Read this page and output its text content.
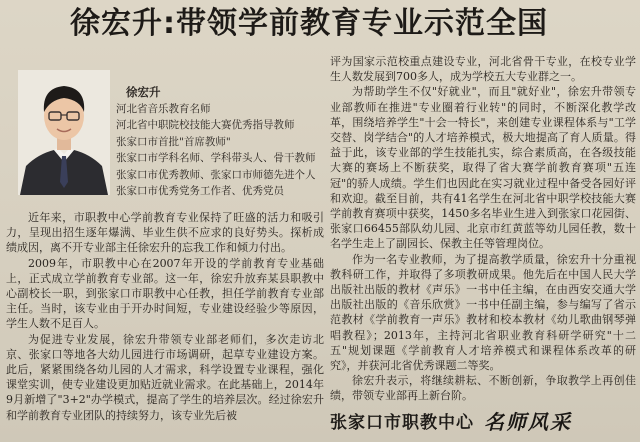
徐宏升:带领学前教育专业示范全国
徐宏升
河北省音乐教育名师
河北省中职院校技能大赛优秀指导教师
张家口市首批"首席教师"
张家口市学科名师、学科带头人、骨干教师
张家口市优秀教师、张家口市师德先进个人
张家口市优秀党务工作者、优秀党员

近年来，市职教中心学前教育专业保持了旺盛的活力和吸引力，呈现出招生逐年爆满、毕业生供不应求的良好势头。探析成绩成因，离不开专业部主任徐宏升的忘我工作和倾力付出。

2009年，市职教中心在2007年开设的学前教育专业基础上，正式成立学前教育专业部。这一年，徐宏升放弃某县职教中心副校长一职，到张家口市职教中心任教，担任学前教育专业部主任。当时，该专业由于开办时间短，专业建设经验少等原因，学生人数不足百人。

为促进专业发展，徐宏升带领专业部老师们，多次走访北京、张家口等地各大幼儿园进行市场调研，起草专业建设方案。此后，紧紧围绕各幼儿园的人才需求，科学设置专业课程，强化课堂实训，使专业建设更加贴近就业需求。在此基础上，2014年9月新增了"3+2"办学模式，提高了学生的培养层次。经过徐宏升和学前教育专业团队的持续努力，该专业先后被

评为国家示范校重点建设专业，河北省骨干专业，在校专业学生人数发展到700多人，成为学校五大专业群之一。

为帮助学生不仅"好就业"，而且"就好业"，徐宏升带领专业部教师在推进"专业圈着行业转"的同时，不断深化教学改革，围绕培养学生"十会一特长"，来创建专业课程体系与"工学交替、岗学结合"的人才培养模式，极大地提高了育人质量。得益于此，该专业部的学生技能扎实，综合素质高，在各级技能大赛的赛场上不断获奖，取得了省大赛学前教育赛项"五连冠"的骄人成绩。学生们也因此在实习就业过程中备受各园好评和欢迎。截至目前，共有41名学生在河北省中职学校技能大赛学前教育赛项中获奖，1450多名毕业生进入到张家口花园街、张家口66455部队幼儿园、北京市红黄蓝等幼儿园任教，数十名学生走上了副园长、保教主任等管理岗位。

作为一名专业教师，为了提高教学质量，徐宏升十分重视教科研工作，并取得了多项教研成果。他先后在中国人民大学出版社出版的教材《声乐》一书中任主编，在由西安交通大学出版社出版的《音乐欣赏》一书中任副主编，参与编写了省示范教材《学前教育一声乐》教材和校本教材《幼儿歌曲钢琴弹唱教程》；2013年，主持河北省职业教育科研学研究"十二五"规划课题《学前教育人才培养模式和课程体系改革的研究》，并获河北省优秀课题二等奖。

徐宏升表示，将继续耕耘、不断创新，争取教学上再创佳绩，带领专业部再上新台阶。

张家口市职教中心 名师风采
